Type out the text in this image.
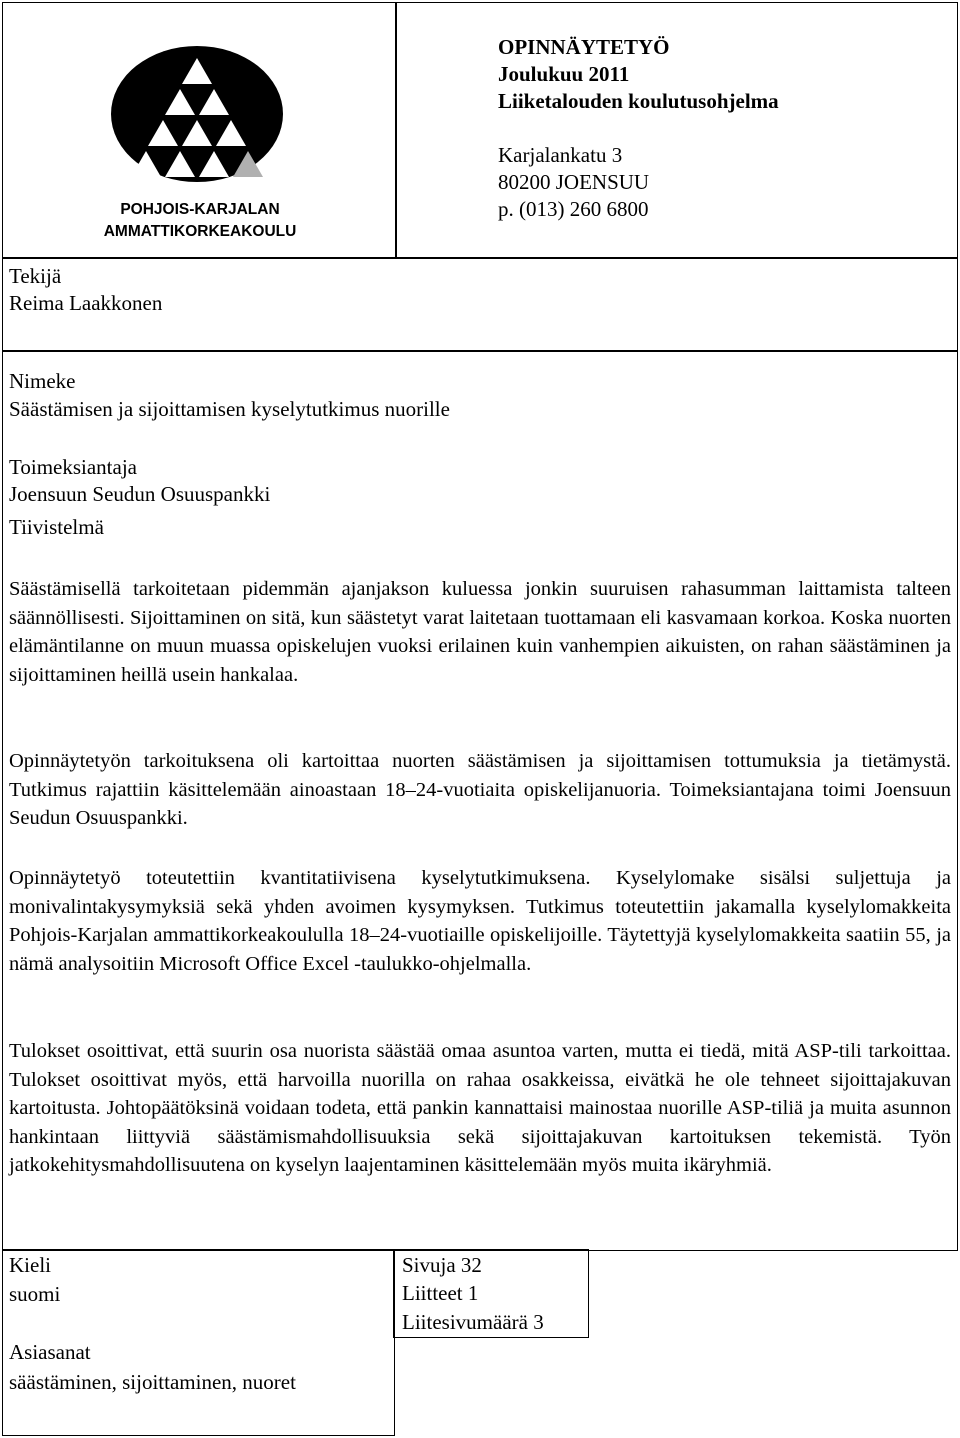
POHJOIS-KARJALAN
AMMATTIKORKEAKOULU

OPINNÄYTETYÖ

Joulukuu 2011

Liiketalouden koulutusohjelma

Karjalankatu 3

80200 JOENSUU

p. (013) 260 6800

Tekijä

Reima Laakkonen

Nimeke

Säästämisen ja sijoittamisen kyselytutkimus nuorille

Toimeksiantaja

Joensuun Seudun Osuuspankki

Tiivistelmä

Säästämisellä tarkoitetaan pidemmän ajanjakson kuluessa jonkin suuruisen rahasumman laittamista talteen säännöllisesti. Sijoittaminen on sitä, kun säästetyt varat laitetaan tuottamaan eli kasvamaan korkoa. Koska nuorten elämäntilanne on muun muassa opiskelujen vuoksi erilainen kuin vanhempien aikuisten, on rahan säästäminen ja sijoittaminen heillä usein hankalaa.

Opinnäytetyön tarkoituksena oli kartoittaa nuorten säästämisen ja sijoittamisen tottumuksia ja tietämystä. Tutkimus rajattiin käsittelemään ainoastaan 18–24-vuotiaita opiskelijanuoria. Toimeksiantajana toimi Joensuun Seudun Osuuspankki.

Opinnäytetyö toteutettiin kvantitatiivisena kyselytutkimuksena. Kyselylomake sisälsi suljettuja ja monivalintakysymyksiä sekä yhden avoimen kysymyksen. Tutkimus toteutettiin jakamalla kyselylomakkeita Pohjois-Karjalan ammattikorkeakoululla 18–24-vuotiaille opiskelijoille. Täytettyjä kyselylomakkeita saatiin 55, ja nämä analysoitiin Microsoft Office Excel -taulukko-ohjelmalla.

Tulokset osoittivat, että suurin osa nuorista säästää omaa asuntoa varten, mutta ei tiedä, mitä ASP-tili tarkoittaa. Tulokset osoittivat myös, että harvoilla nuorilla on rahaa osakkeissa, eivätkä he ole tehneet sijoittajakuvan kartoitusta. Johtopäätöksinä voidaan todeta, että pankin kannattaisi mainostaa nuorille ASP-tiliä ja muita asunnon hankintaan liittyviä säästämismahdollisuuksia sekä sijoittajakuvan kartoituksen tekemistä. Työn jatkokehitysmahdollisuutena on kyselyn laajentaminen käsittelemään myös muita ikäryhmiä.

Kieli

suomi

Asiasanat

säästäminen, sijoittaminen, nuoret

Sivuja 32

Liitteet 1

Liitesivumäärä 3
